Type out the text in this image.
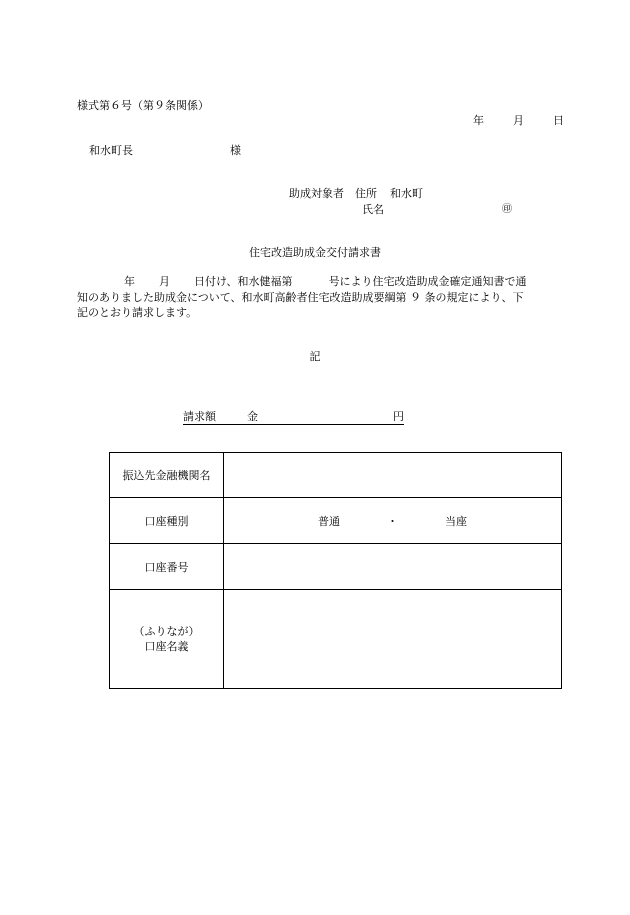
様式第６号（第９条関係）
年	月	日
和水町長	様
助成対象者 住所 和水町
氏名	㊞
住宅改造助成金交付請求書
年 月 日付け、和水健福第	号により住宅改造助成金確定通知書で通
知のありました助成金について、和水町高齢者住宅改造助成要綱第 ９ 条の規定により、下
記のとおり請求します。
記
請求額	金	円
振込先金融機関名	
口座種別	普通 ・ 当座
口座番号	

（ふりなが）
口座名義	
